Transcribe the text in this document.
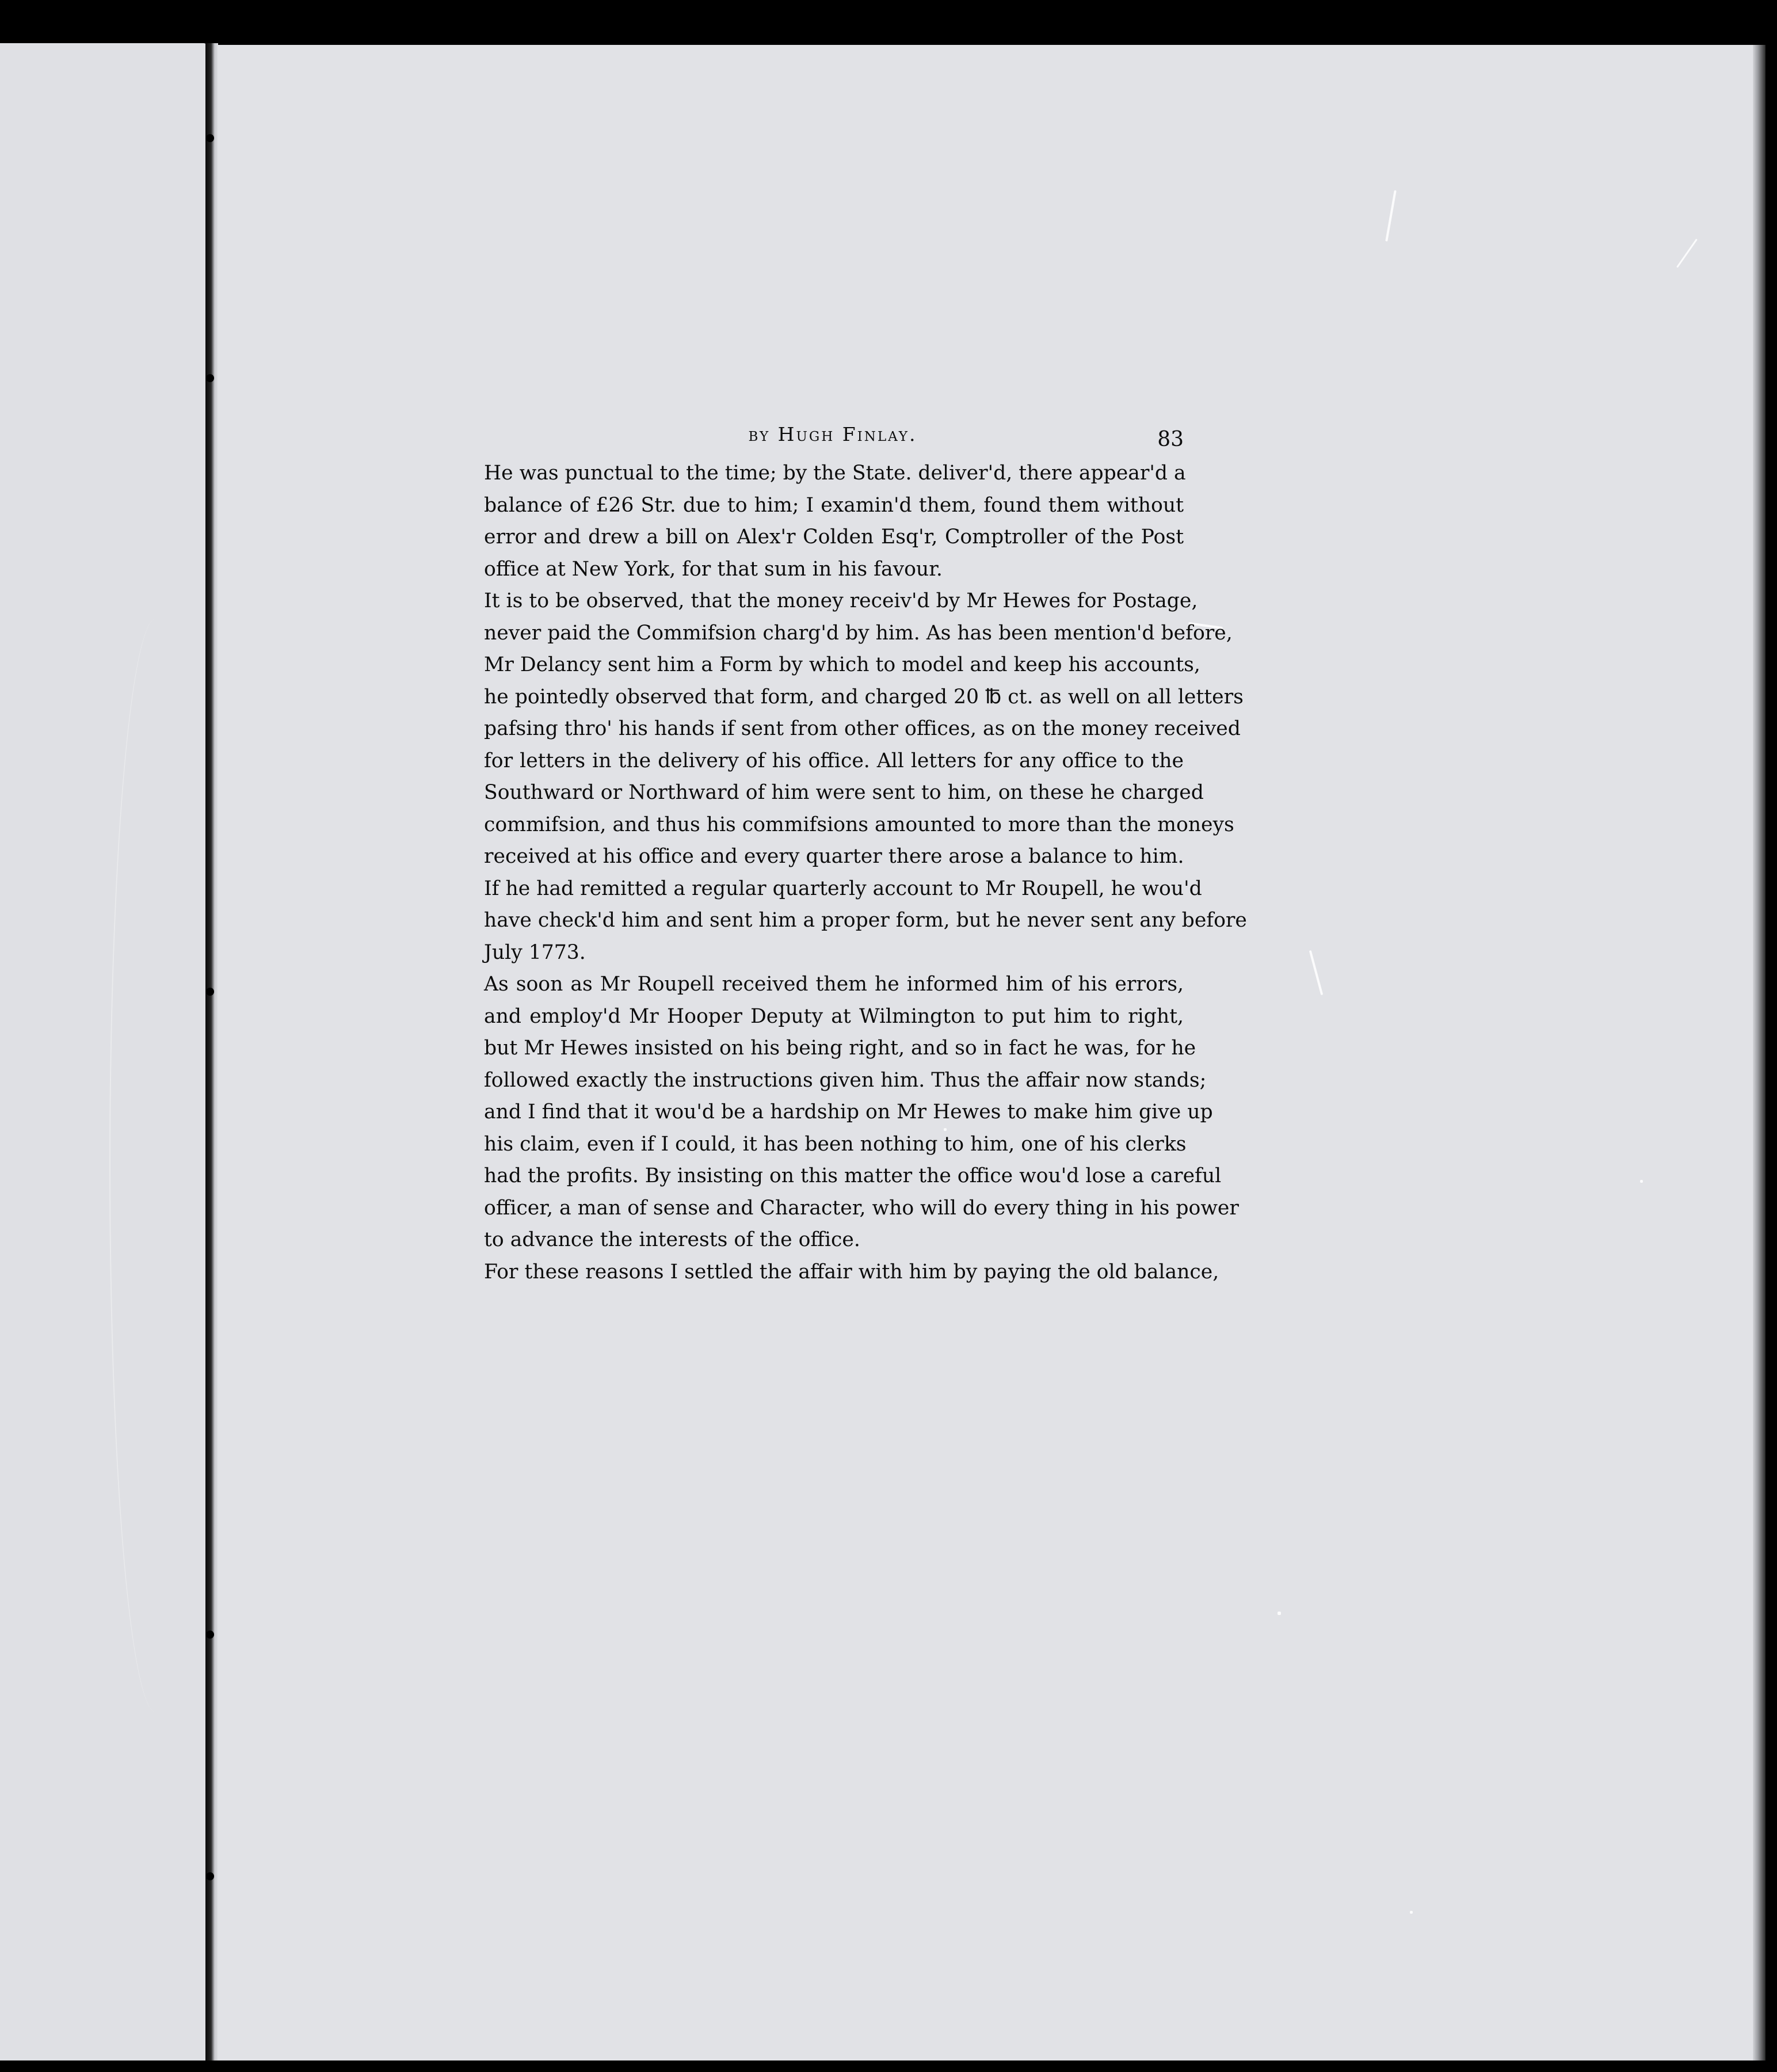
by Hugh Finlay.	83

He was punctual to the time; by the State. deliver'd, there appear'd a
balance of £26 Str. due to him; I examin'd them, found them without
error and drew a bill on Alex'r Colden Esq'r, Comptroller of the Post
office at New York, for that sum in his favour.

It is to be observed, that the money receiv'd by Mr Hewes for Postage,
never paid the Commifsion charg'd by him. As has been mention'd before,
Mr Delancy sent him a Form by which to model and keep his accounts,
he pointedly observed that form, and charged 20 ℔ ct. as well on all letters
pafsing thro' his hands if sent from other offices, as on the money received
for letters in the delivery of his office. All letters for any office to the
Southward or Northward of him were sent to him, on these he charged
commifsion, and thus his commifsions amounted to more than the moneys
received at his office and every quarter there arose a balance to him.

If he had remitted a regular quarterly account to Mr Roupell, he wou'd
have check'd him and sent him a proper form, but he never sent any before
July 1773.

As soon as Mr Roupell received them he informed him of his errors,
and employ'd Mr Hooper Deputy at Wilmington to put him to right,
but Mr Hewes insisted on his being right, and so in fact he was, for he
followed exactly the instructions given him. Thus the affair now stands;
and I find that it wou'd be a hardship on Mr Hewes to make him give up
his claim, even if I could, it has been nothing to him, one of his clerks
had the profits. By insisting on this matter the office wou'd lose a careful
officer, a man of sense and Character, who will do every thing in his power
to advance the interests of the office.

For these reasons I settled the affair with him by paying the old balance,
